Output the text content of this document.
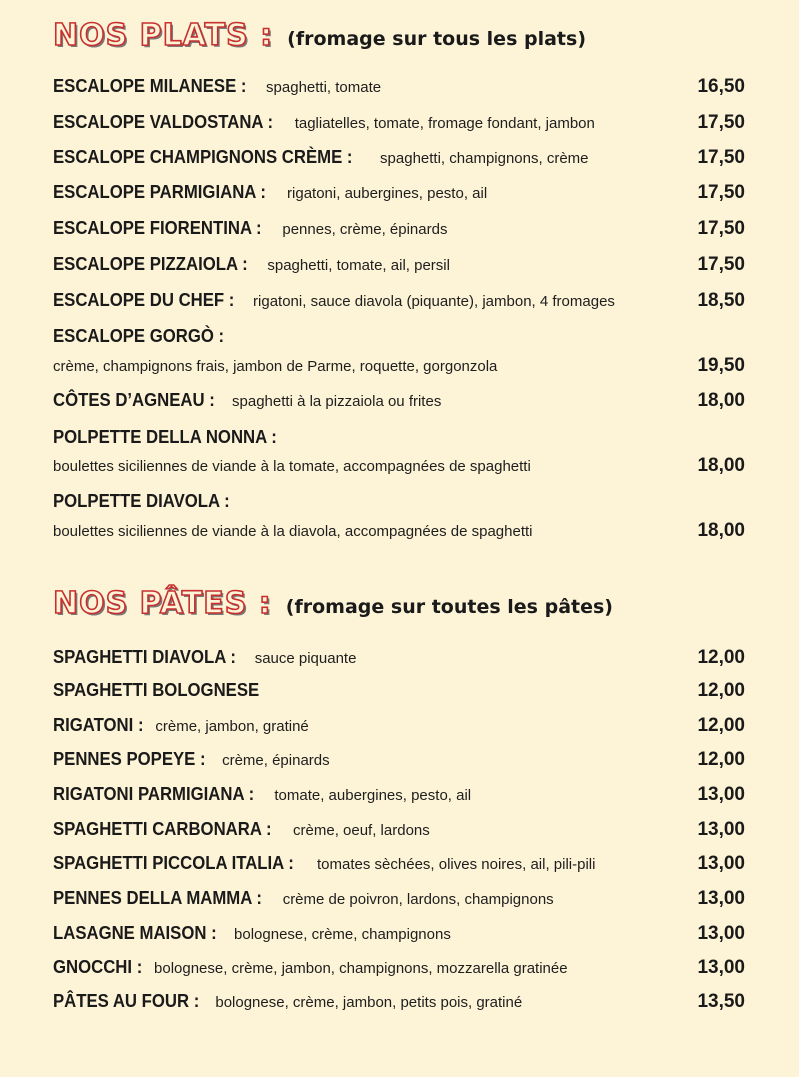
NOS PLATS : (fromage sur tous les plats)
ESCALOPE MILANESE : spaghetti, tomate	16,50
ESCALOPE VALDOSTANA : tagliatelles, tomate, fromage fondant, jambon	17,50
ESCALOPE CHAMPIGNONS CRÈME : spaghetti, champignons, crème	17,50
ESCALOPE PARMIGIANA : rigatoni, aubergines, pesto, ail	17,50
ESCALOPE FIORENTINA : pennes, crème, épinards	17,50
ESCALOPE PIZZAIOLA : spaghetti, tomate, ail, persil	17,50
ESCALOPE DU CHEF : rigatoni, sauce diavola (piquante), jambon, 4 fromages	18,50
ESCALOPE GORGÒ :
crème, champignons frais, jambon de Parme, roquette, gorgonzola	19,50
CÔTES D’AGNEAU : spaghetti à la pizzaiola ou frites	18,00
POLPETTE DELLA NONNA :
boulettes siciliennes de viande à la tomate, accompagnées de spaghetti	18,00
POLPETTE DIAVOLA :
boulettes siciliennes de viande à la diavola, accompagnées de spaghetti	18,00
NOS PÂTES : (fromage sur toutes les pâtes)
SPAGHETTI DIAVOLA : sauce piquante	12,00
SPAGHETTI BOLOGNESE	12,00
RIGATONI : crème, jambon, gratiné	12,00
PENNES POPEYE : crème, épinards	12,00
RIGATONI PARMIGIANA : tomate, aubergines, pesto, ail	13,00
SPAGHETTI CARBONARA : crème, oeuf, lardons	13,00
SPAGHETTI PICCOLA ITALIA : tomates sèchées, olives noires, ail, pili-pili	13,00
PENNES DELLA MAMMA : crème de poivron, lardons, champignons	13,00
LASAGNE MAISON : bolognese, crème, champignons	13,00
GNOCCHI : bolognese, crème, jambon, champignons, mozzarella gratinée	13,00
PÂTES AU FOUR : bolognese, crème, jambon, petits pois, gratiné	13,50
